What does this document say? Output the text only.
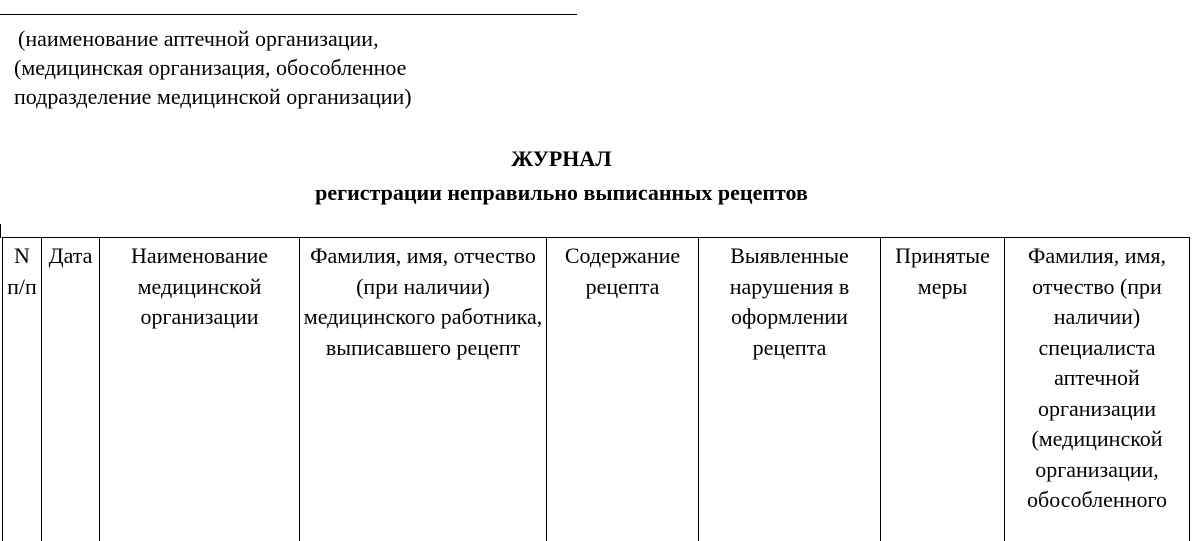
(наименование аптечной организации,
(медицинская организация, обособленное
подразделение медицинской организации)
ЖУРНАЛ
регистрации неправильно выписанных рецептов
N п/п	Дата	Наименование медицинской организации	Фамилия, имя, отчество (при наличии) медицинского работника, выписавшего рецепт	Содержание рецепта	Выявленные нарушения в оформлении рецепта	Принятые меры	Фамилия, имя, отчество (при наличии) специалиста аптечной организации (медицинской организации, обособленного
